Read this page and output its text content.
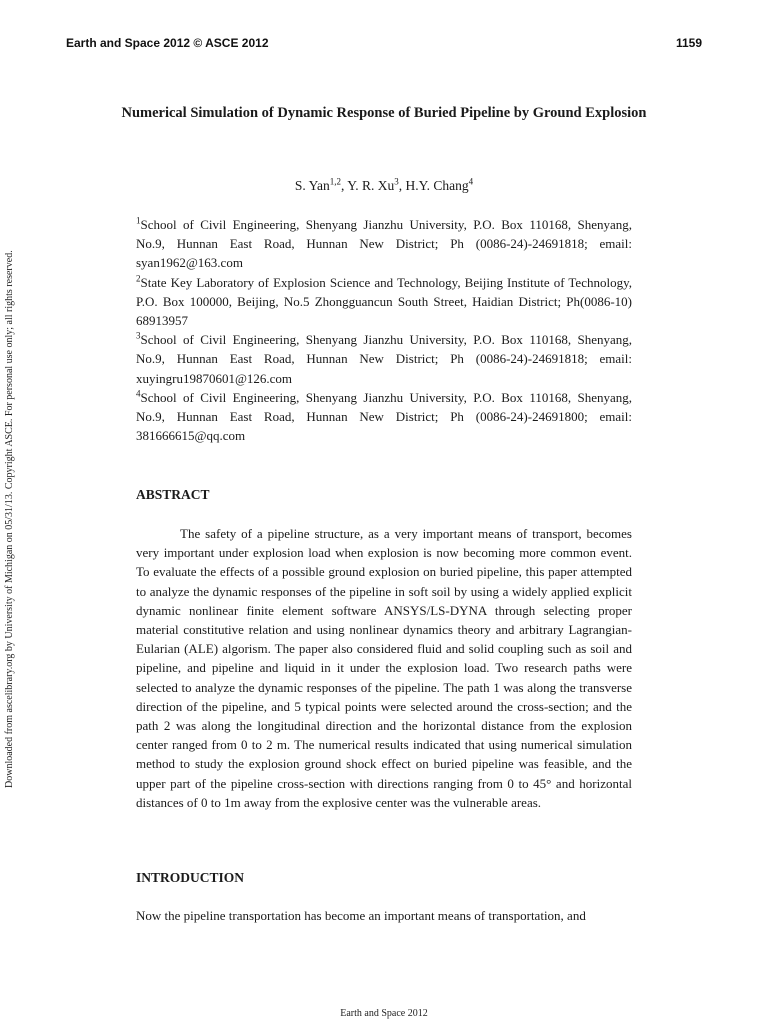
Earth and Space 2012 © ASCE 2012	1159
Downloaded from ascelibrary.org by University of Michigan on 05/31/13. Copyright ASCE. For personal use only; all rights reserved.
Numerical Simulation of Dynamic Response of Buried Pipeline by Ground Explosion
S. Yan$^{1,2}$, Y. R. Xu$^3$, H.Y. Chang$^4$

$^1$School of Civil Engineering, Shenyang Jianzhu University, P.O. Box 110168, Shenyang, No.9, Hunnan East Road, Hunnan New District; Ph (0086-24)-24691818; email: syan1962@163.com

$^2$State Key Laboratory of Explosion Science and Technology, Beijing Institute of Technology, P.O. Box 100000, Beijing, No.5 Zhongguancun South Street, Haidian District; Ph(0086-10) 68913957

$^3$School of Civil Engineering, Shenyang Jianzhu University, P.O. Box 110168, Shenyang, No.9, Hunnan East Road, Hunnan New District; Ph (0086-24)-24691818; email: xuyingru19870601@126.com

$^4$School of Civil Engineering, Shenyang Jianzhu University, P.O. Box 110168, Shenyang, No.9, Hunnan East Road, Hunnan New District; Ph (0086-24)-24691800; email: 381666615@qq.com

ABSTRACT

The safety of a pipeline structure, as a very important means of transport, becomes very important under explosion load when explosion is now becoming more common event. To evaluate the effects of a possible ground explosion on buried pipeline, this paper attempted to analyze the dynamic responses of the pipeline in soft soil by using a widely applied explicit dynamic nonlinear finite element software ANSYS/LS-DYNA through selecting proper material constitutive relation and using nonlinear dynamics theory and arbitrary Lagrangian-Eularian (ALE) algorism. The paper also considered fluid and solid coupling such as soil and pipeline, and pipeline and liquid in it under the explosion load. Two research paths were selected to analyze the dynamic responses of the pipeline. The path 1 was along the transverse direction of the pipeline, and 5 typical points were selected around the cross-section; and the path 2 was along the longitudinal direction and the horizontal distance from the explosion center ranged from 0 to 2 m. The numerical results indicated that using numerical simulation method to study the explosion ground shock effect on buried pipeline was feasible, and the upper part of the pipeline cross-section with directions ranging from 0 to 45° and horizontal distances of 0 to 1m away from the explosive center was the vulnerable areas.

INTRODUCTION

Now the pipeline transportation has become an important means of transportation, and

Earth and Space 2012
